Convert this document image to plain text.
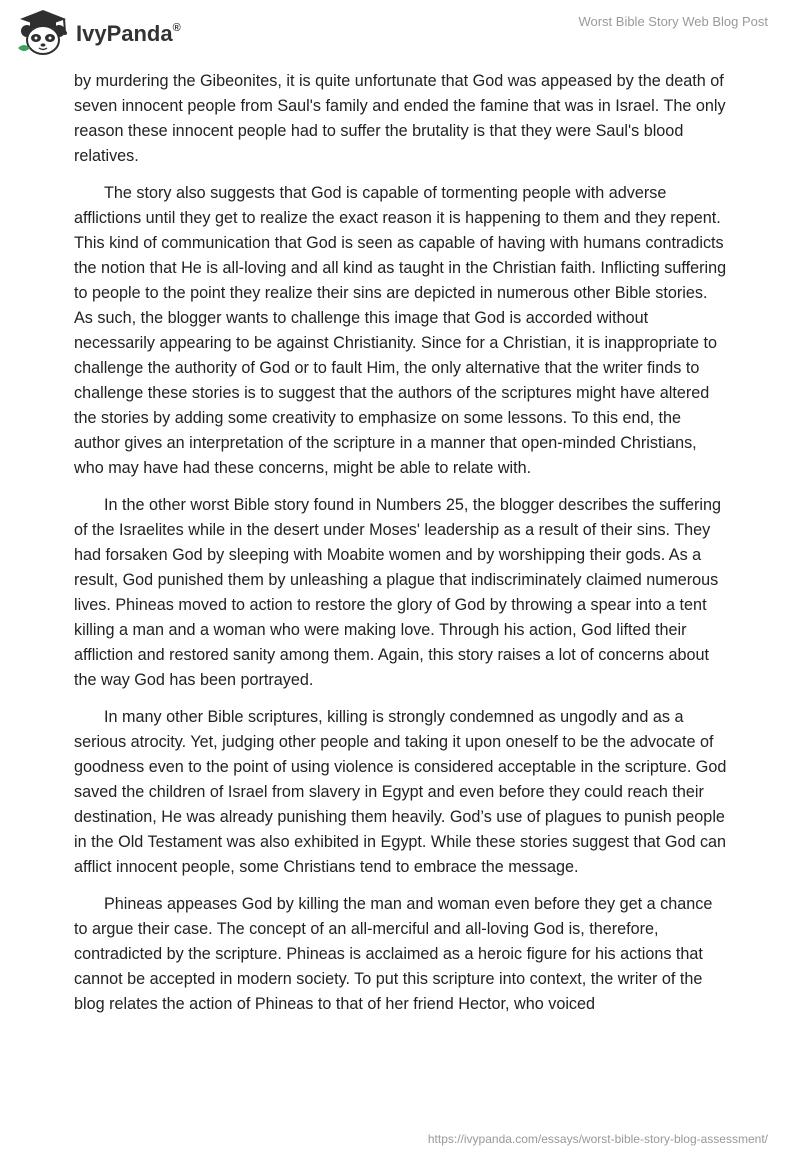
IvyPanda®	Worst Bible Story Web Blog Post

by murdering the Gibeonites, it is quite unfortunate that God was appeased by the death of seven innocent people from Saul's family and ended the famine that was in Israel. The only reason these innocent people had to suffer the brutality is that they were Saul's blood relatives.

The story also suggests that God is capable of tormenting people with adverse afflictions until they get to realize the exact reason it is happening to them and they repent. This kind of communication that God is seen as capable of having with humans contradicts the notion that He is all-loving and all kind as taught in the Christian faith. Inflicting suffering to people to the point they realize their sins are depicted in numerous other Bible stories. As such, the blogger wants to challenge this image that God is accorded without necessarily appearing to be against Christianity. Since for a Christian, it is inappropriate to challenge the authority of God or to fault Him, the only alternative that the writer finds to challenge these stories is to suggest that the authors of the scriptures might have altered the stories by adding some creativity to emphasize on some lessons. To this end, the author gives an interpretation of the scripture in a manner that open-minded Christians, who may have had these concerns, might be able to relate with.

In the other worst Bible story found in Numbers 25, the blogger describes the suffering of the Israelites while in the desert under Moses' leadership as a result of their sins. They had forsaken God by sleeping with Moabite women and by worshipping their gods. As a result, God punished them by unleashing a plague that indiscriminately claimed numerous lives. Phineas moved to action to restore the glory of God by throwing a spear into a tent killing a man and a woman who were making love. Through his action, God lifted their affliction and restored sanity among them. Again, this story raises a lot of concerns about the way God has been portrayed.

In many other Bible scriptures, killing is strongly condemned as ungodly and as a serious atrocity. Yet, judging other people and taking it upon oneself to be the advocate of goodness even to the point of using violence is considered acceptable in the scripture. God saved the children of Israel from slavery in Egypt and even before they could reach their destination, He was already punishing them heavily. God’s use of plagues to punish people in the Old Testament was also exhibited in Egypt. While these stories suggest that God can afflict innocent people, some Christians tend to embrace the message.

Phineas appeases God by killing the man and woman even before they get a chance to argue their case. The concept of an all-merciful and all-loving God is, therefore, contradicted by the scripture. Phineas is acclaimed as a heroic figure for his actions that cannot be accepted in modern society. To put this scripture into context, the writer of the blog relates the action of Phineas to that of her friend Hector, who voiced

https://ivypanda.com/essays/worst-bible-story-blog-assessment/
